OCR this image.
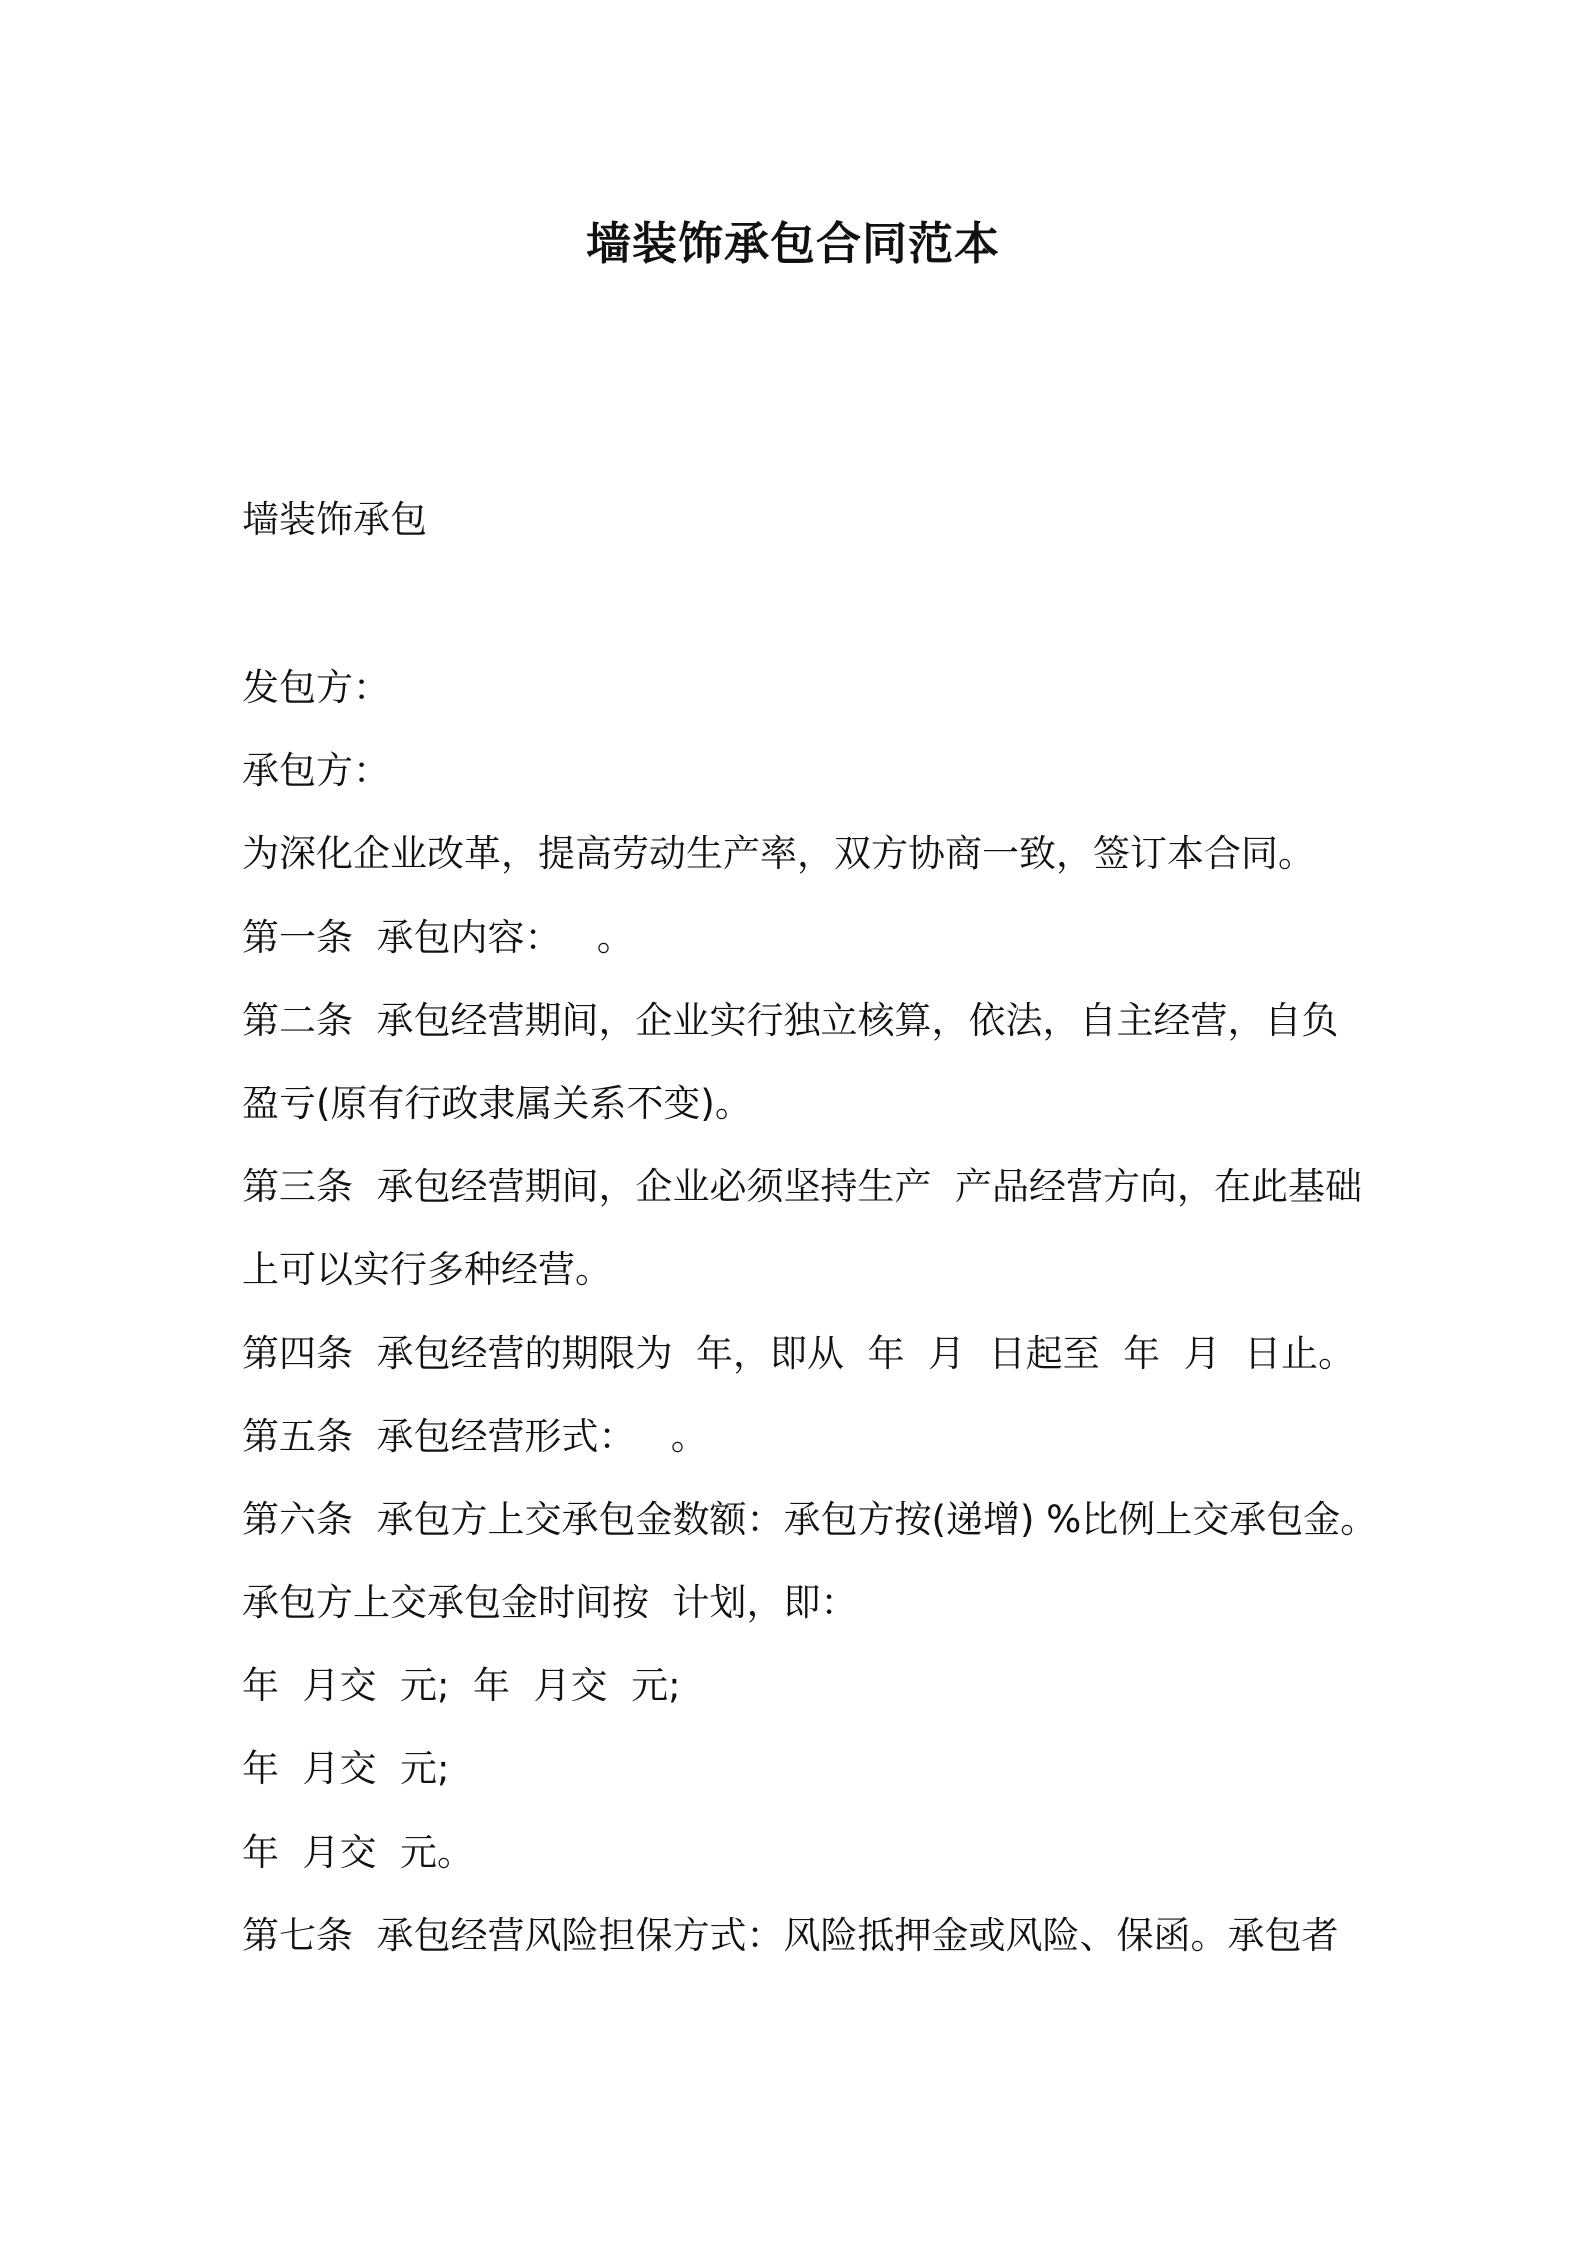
墙装饰承包合同范本

墙装饰承包

发包方：

承包方：

为深化企业改革，提高劳动生产率，双方协商一致，签订本合同。

第一条  承包内容：   。

第二条  承包经营期间，企业实行独立核算，依法，自主经营，自负

盈亏(原有行政隶属关系不变)。

第三条  承包经营期间，企业必须坚持生产  产品经营方向，在此基础

上可以实行多种经营。

第四条  承包经营的期限为  年，即从  年  月  日起至  年  月  日止。

第五条  承包经营形式：   。

第六条  承包方上交承包金数额：承包方按(递增) %比例上交承包金。

承包方上交承包金时间按  计划，即：

年  月交  元;  年  月交  元;

年  月交  元;

年  月交  元。

第七条  承包经营风险担保方式：风险抵押金或风险、保函。承包者
